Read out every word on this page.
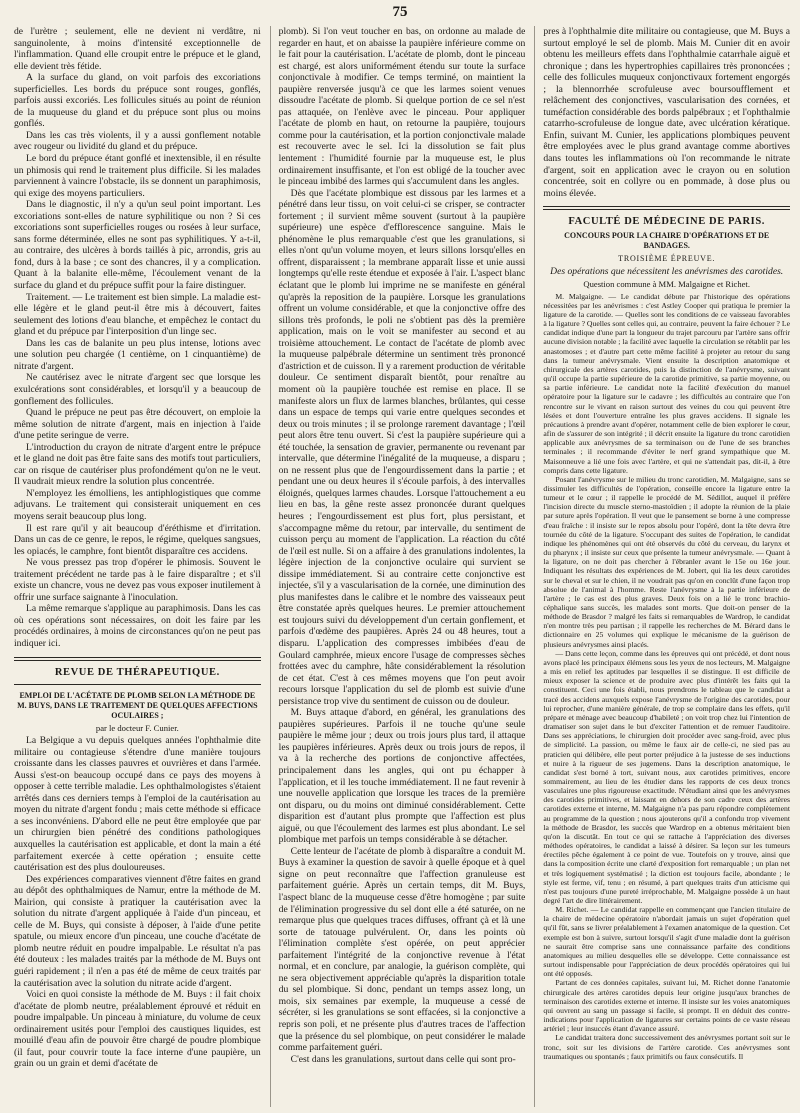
75

de l'urètre ; seulement, elle ne devient ni verdâtre, ni sanguinolente, à moins d'intensité exceptionnelle de l'inflammation. Quand elle croupit entre le prépuce et le gland, elle devient très fétide.

A la surface du gland, on voit parfois des excoriations superficielles. Les bords du prépuce sont rouges, gonflés, parfois aussi excoriés. Les follicules situés au point de réunion de la muqueuse du gland et du prépuce sont plus ou moins gonflés.

Dans les cas très violents, il y a aussi gonflement notable avec rougeur ou lividité du gland et du prépuce.

Le bord du prépuce étant gonflé et inextensible, il en résulte un phimosis qui rend le traitement plus difficile. Si les malades parviennent à vaincre l'obstacle, ils se donnent un paraphimosis, qui exige des moyens particuliers.

Dans le diagnostic, il n'y a qu'un seul point important. Les excoriations sont-elles de nature syphilitique ou non ? Si ces excoriations sont superficielles rouges ou rosées à leur surface, sans forme déterminée, elles ne sont pas syphilitiques. Y a-t-il, au contraire, des ulcères à bords taillés à pic, arrondis, gris au fond, durs à la base ; ce sont des chancres, il y a complication. Quant à la balanite elle-même, l'écoulement venant de la surface du gland et du prépuce suffit pour la faire distinguer.

Traitement. — Le traitement est bien simple. La maladie est-elle légère et le gland peut-il être mis à découvert, faites seulement des lotions d'eau blanche, et empêchez le contact du gland et du prépuce par l'interposition d'un linge sec.

Dans les cas de balanite un peu plus intense, lotions avec une solution peu chargée (1 centième, on 1 cinquantième) de nitrate d'argent.

Ne cautérisez avec le nitrate d'argent sec que lorsque les exulcérations sont considérables, et lorsqu'il y a beaucoup de gonflement des follicules.

Quand le prépuce ne peut pas être découvert, on emploie la même solution de nitrate d'argent, mais en injection à l'aide d'une petite seringue de verre.

L'introduction du crayon de nitrate d'argent entre le prépuce et le gland ne doit pas être faite sans des motifs tout particuliers, car on risque de cautériser plus profondément qu'on ne le veut. Il vaudrait mieux rendre la solution plus concentrée.

N'employez les émolliens, les antiphlogistiques que comme adjuvans. Le traitement qui consisterait uniquement en ces moyens serait beaucoup plus long.

Il est rare qu'il y ait beaucoup d'éréthisme et d'irritation. Dans un cas de ce genre, le repos, le régime, quelques sangsues, les opiacés, le camphre, font bientôt disparaître ces accidens.

Ne vous pressez pas trop d'opérer le phimosis. Souvent le traitement précédent ne tarde pas à le faire disparaître ; et s'il existe un chancre, vous ne devez pas vous exposer inutilement à offrir une surface saignante à l'inoculation.

La même remarque s'applique au paraphimosis. Dans les cas où ces opérations sont nécessaires, on doit les faire par les procédés ordinaires, à moins de circonstances qu'on ne peut pas indiquer ici.

REVUE DE THÉRAPEUTIQUE.
EMPLOI DE L'ACÉTATE DE PLOMB SELON LA MÉTHODE DE M. BUYS, DANS LE TRAITEMENT DE QUELQUES AFFECTIONS OCULAIRES ;
par le docteur F. Cunier.

La Belgique a vu depuis quelques années l'ophthalmie dite militaire ou contagieuse s'étendre d'une manière toujours croissante dans les classes pauvres et ouvrières et dans l'armée. Aussi s'est-on beaucoup occupé dans ce pays des moyens à opposer à cette terrible maladie. Les ophthalmologistes s'étaient arrêtés dans ces derniers temps à l'emploi de la cautérisation au moyen du nitrate d'argent fondu ; mais cette méthode si efficace a ses inconvéniens. D'abord elle ne peut être employée que par un chirurgien bien pénétré des conditions pathologiques auxquelles la cautérisation est applicable, et dont la main a été parfaitement exercée à cette opération ; ensuite cette cautérisation est des plus douloureuses.

Des expériences comparatives viennent d'être faites en grand au dépôt des ophthalmiques de Namur, entre la méthode de M. Mairion, qui consiste à pratiquer la cautérisation avec la solution du nitrate d'argent appliquée à l'aide d'un pinceau, et celle de M. Buys, qui consiste à déposer, à l'aide d'une petite spatule, ou mieux encore d'un pinceau, une couche d'acétate de plomb neutre réduit en poudre impalpable. Le résultat n'a pas été douteux : les malades traités par la méthode de M. Buys ont guéri rapidement ; il n'en a pas été de même de ceux traités par la cautérisation avec la solution du nitrate acide d'argent.

Voici en quoi consiste la méthode de M. Buys : il fait choix d'acétate de plomb neutre, préalablement éprouvé et réduit en poudre impalpable. Un pinceau à miniature, du volume de ceux ordinairement usités pour l'emploi des caustiques liquides, est mouillé d'eau afin de pouvoir être chargé de poudre plombique (il faut, pour couvrir toute la face interne d'une paupière, un grain ou un grain et demi d'acétate de

plomb). Si l'on veut toucher en bas, on ordonne au malade de regarder en haut, et on abaisse la paupière inférieure comme on le fait pour la cautérisation. L'acétate de plomb, dont le pinceau est chargé, est alors uniformément étendu sur toute la surface conjonctivale à modifier. Ce temps terminé, on maintient la paupière renversée jusqu'à ce que les larmes soient venues dissoudre l'acétate de plomb. Si quelque portion de ce sel n'est pas attaquée, on l'enlève avec le pinceau. Pour appliquer l'acétate de plomb en haut, on retourne la paupière, toujours comme pour la cautérisation, et la portion conjonctivale malade est recouverte avec le sel. Ici la dissolution se fait plus lentement : l'humidité fournie par la muqueuse est, le plus ordinairement insuffisante, et l'on est obligé de la toucher avec le pinceau imbibé des larmes qui s'accumulent dans les angles.

Dès que l'acétate plombique est dissous par les larmes et a pénétré dans leur tissu, on voit celui-ci se crisper, se contracter fortement ; il survient même souvent (surtout à la paupière supérieure) une espèce d'efflorescence sanguine. Mais le phénomène le plus remarquable c'est que les granulations, si elles n'ont qu'un volume moyen, et leurs sillons lorsqu'elles en offrent, disparaissent ; la membrane apparaît lisse et unie aussi longtemps qu'elle reste étendue et exposée à l'air. L'aspect blanc éclatant que le plomb lui imprime ne se manifeste en général qu'après la reposition de la paupière. Lorsque les granulations offrent un volume considérable, et que la conjonctive offre des sillons très profonds, le poli ne s'obtient pas dès la première application, mais on le voit se manifester au second et au troisième attouchement. Le contact de l'acétate de plomb avec la muqueuse palpébrale détermine un sentiment très prononcé d'astriction et de cuisson. Il y a rarement production de véritable douleur. Ce sentiment disparaît bientôt, pour renaître au moment où la paupière touchée est remise en place. Il se manifeste alors un flux de larmes blanches, brûlantes, qui cesse dans un espace de temps qui varie entre quelques secondes et deux ou trois minutes ; il se prolonge rarement davantage ; l'œil peut alors être tenu ouvert. Si c'est la paupière supérieure qui a été touchée, la sensation de gravier, permanente ou revenant par intervalle, que détermine l'inégalité de la muqueuse, a disparu ; on ne ressent plus que de l'engourdissement dans la partie ; et pendant une ou deux heures il s'écoule parfois, à des intervalles éloignés, quelques larmes chaudes. Lorsque l'attouchement a eu lieu en bas, la gêne reste assez prononcée durant quelques heures ; l'engourdissement est plus fort, plus persistant, et s'accompagne même du retour, par intervalle, du sentiment de cuisson perçu au moment de l'application. La réaction du côté de l'œil est nulle. Si on a affaire à des granulations indolentes, la légère injection de la conjonctive oculaire qui survient se dissipe immédiatement. Si au contraire cette conjonctive est injectée, s'il y a vascularisation de la cornée, une diminution des plus manifestes dans le calibre et le nombre des vaisseaux peut être constatée après quelques heures. Le premier attouchement est toujours suivi du développement d'un certain gonflement, et parfois d'œdème des paupières. Après 24 ou 48 heures, tout a disparu. L'application des compresses imbibées d'eau de Goulard camphrée, mieux encore l'usage de compresses sèches frottées avec du camphre, hâte considérablement la résolution de cet état. C'est à ces mêmes moyens que l'on peut avoir recours lorsque l'application du sel de plomb est suivie d'une persistance trop vive du sentiment de cuisson ou de douleur.

M. Buys attaque d'abord, en général, les granulations des paupières supérieures. Parfois il ne touche qu'une seule paupière le même jour ; deux ou trois jours plus tard, il attaque les paupières inférieures. Après deux ou trois jours de repos, il va à la recherche des portions de conjonctive affectées, principalement dans les angles, qui ont pu échapper à l'application, et il les touche immédiatement. Il ne faut revenir à une nouvelle application que lorsque les traces de la première ont disparu, ou du moins ont diminué considérablement. Cette disparition est d'autant plus prompte que l'affection est plus aiguë, ou que l'écoulement des larmes est plus abondant. Le sel plombique met parfois un temps considérable à se détacher.

Cette lenteur de l'acétate de plomb à disparaître a conduit M. Buys à examiner la question de savoir à quelle époque et à quel signe on peut reconnaître que l'affection granuleuse est parfaitement guérie. Après un certain temps, dit M. Buys, l'aspect blanc de la muqueuse cesse d'être homogène ; par suite de l'élimination progressive du sel dont elle a été saturée, on ne remarque plus que quelques traces diffuses, offrant çà et là une sorte de tatouage pulvérulent. Or, dans les points où l'élimination complète s'est opérée, on peut apprécier parfaitement l'intégrité de la conjonctive revenue à l'état normal, et en conclure, par analogie, la guérison complète, qui ne sera objectivement appréciable qu'après la disparition totale du sel plombique. Si donc, pendant un temps assez long, un mois, six semaines par exemple, la muqueuse a cessé de sécréter, si les granulations se sont effacées, si la conjonctive a repris son poli, et ne présente plus d'autres traces de l'affection que la présence du sel plombique, on peut considérer le malade comme parfaitement guéri.

C'est dans les granulations, surtout dans celle qui sont pro-

pres à l'ophthalmie dite militaire ou contagieuse, que M. Buys a surtout employé le sel de plomb. Mais M. Cunier dit en avoir obtenu les meilleurs effets dans l'ophthalmie catarrhale aiguë et chronique ; dans les hypertrophies capillaires très prononcées ; celle des follicules muqueux conjonctivaux fortement engorgés ; la blennorrhée scrofuleuse avec boursoufflement et relâchement des conjonctives, vascularisation des cornées, et tuméfaction considérable des bords palpébraux ; et l'ophthalmie catarrho-scrofuleuse de longue date, avec ulcération kératique. Enfin, suivant M. Cunier, les applications plombiques peuvent être employées avec le plus grand avantage comme abortives dans toutes les inflammations où l'on recommande le nitrate d'argent, soit en application avec le crayon ou en solution concentrée, soit en collyre ou en pommade, à dose plus ou moins élevée.

FACULTÉ DE MÉDECINE DE PARIS.
CONCOURS POUR LA CHAIRE D'OPÉRATIONS ET DE BANDAGES.
TROISIÈME ÉPREUVE.
Des opérations que nécessitent les anévrismes des carotides.
Question commune à MM. Malgaigne et Richet.

M. Malgaigne. — Le candidat débute par l'historique des opérations nécessitées par les anévrismes : c'est Astley Cooper qui pratiqua le premier la ligature de la carotide. — Quelles sont les conditions de ce vaisseau favorables à la ligature ? Quelles sont celles qui, au contraire, peuvent la faire échouer ? Le candidat indique d'une part la longueur du trajet parcouru par l'artère sans offrir aucune division notable ; la facilité avec laquelle la circulation se rétablit par les anastomoses ; et d'autre part cette même facilité à projeter au retour du sang dans la tumeur anévrysmale. Vient ensuite la description anatomique et chirurgicale des artères carotides, puis la distinction de l'anévrysme, suivant qu'il occupe la partie supérieure de la carotide primitive, sa partie moyenne, ou sa partie inférieure. Le candidat note la facilité d'exécution du manuel opératoire pour la ligature sur le cadavre ; les difficultés au contraire que l'on rencontre sur le vivant en raison surtout des veines du cou qui peuvent être lésées et dont l'ouverture entraîne les plus graves accidens. Il signale les précautions à prendre avant d'opérer, notamment celle de bien explorer le cœur, afin de s'assurer de son intégrité ; il décrit ensuite la ligature du tronc carotidien applicable aux anévrysmes de sa terminaison ou de l'une de ses branches terminales ; il recommande d'éviter le nerf grand sympathique que M. Maisonneuve a lié une fois avec l'artère, et qui ne s'attendait pas, dit-il, à être compris dans cette ligature.

Posant l'anévrysme sur le milieu du tronc carotidien, M. Malgaigne, sans se dissimuler les difficultés de l'opération, conseille encore la ligature entre la tumeur et le cœur ; il rappelle le procédé de M. Sédillot, auquel il préfère l'incision directe du muscle sterno-mastoïdien ; il adopte la réunion de la plaie par suture après l'opération. Il veut que le pansement se borne à une compresse d'eau fraîche : il insiste sur le repos absolu pour l'opéré, dont la tête devra être tournée du côté de la ligature. S'occupant des suites de l'opération, le candidat indique les phénomènes qui ont été observés du côté du cerveau, du larynx et du pharynx ; il insiste sur ceux que présente la tumeur anévrysmale. — Quant à la ligature, on ne doit pas chercher à l'ébranler avant le 15e ou 16e jour. Indiquant les résultats des expériences de M. Jobert, qui lia les deux carotides sur le cheval et sur le chien, il ne voudrait pas qu'on en conclût d'une façon trop absolue de l'animal à l'homme. Reste l'anévrysme à la partie inférieure de l'artère ; le cas est des plus graves. Deux fois on a lié le tronc brachio-céphalique sans succès, les malades sont morts. Que doit-on penser de la méthode de Brasdor ? malgré les faits si remarquables de Wardrop, le candidat n'en montre très peu partisan ; il rappelle les recherches de M. Bérard dans le dictionnaire en 25 volumes qui explique le mécanisme de la guérison de plusieurs anévrysmes ainsi placés.

— Dans cette leçon, comme dans les épreuves qui ont précédé, et dont nous avons placé les principaux élémens sous les yeux de nos lecteurs, M. Malgaigne a mis en relief les aptitudes par lesquelles il se distingue. Il est difficile de mieux exposer la science et de produire avec plus d'intérêt les faits qui la constituent. Ceci une fois établi, nous prendrons le tableau que le candidat a tracé des accidens auxquels expose l'anévrysme de l'origine des carotides, pour lui reprocher, d'une manière générale, de trop se complaire dans les effets, qu'il prépare et ménage avec beaucoup d'habileté ; on voit trop chez lui l'intention de dramatiser son sujet dans le but d'exciter l'attention et de remuer l'auditoire. Dans ses appréciations, le chirurgien doit procéder avec sang-froid, avec plus de simplicité. La passion, ou même le faux air de celle-ci, ne sied pas au praticien qui délibère, elle peut porter préjudice à la justesse de ses inductions et nuire à la rigueur de ses jugemens. Dans la description anatomique, le candidat s'est borné à tort, suivant nous, aux carotides primitives, encore sommairement, au lieu de les étudier dans les rapports de ces deux troncs vasculaires une plus rigoureuse exactitude. N'étudiant ainsi que les anévrysmes des carotides primitives, et laissant en dehors de son cadre ceux des artères carotides externe et interne, M. Malgaigne n'a pas paru répondre complètement au programme de la question ; nous ajouterons qu'il a confondu trop vivement la méthode de Brasdor, les succès que Wardrop en a obtenus méritaient bien qu'on la discutât. En tout ce qui se rattache à l'appréciation des diverses méthodes opératoires, le candidat a laissé à désirer. Sa leçon sur les tumeurs érectiles pêche également à ce point de vue. Toutefois on y trouve, ainsi que dans la composition écrite une clarté d'exposition fort remarquable ; un plan net et très logiquement systématisé ; la diction est toujours facile, abondante ; le style est ferme, vif, tenu ; en résumé, à part quelques traits d'un atticisme qui n'est pas toujours d'une pureté irréprochable, M. Malgaigne possède à un haut degré l'art de dire littérairement.

M. Richet. — Le candidat rappelle en commençant que l'ancien titulaire de la chaire de médecine opératoire n'abordait jamais un sujet d'opération quel qu'il fût, sans se livrer préalablement à l'examen anatomique de la question. Cet exemple est bon à suivre, surtout lorsqu'il s'agit d'une maladie dont la guérison ne saurait être comprise sans une connaissance parfaite des conditions anatomiques au milieu desquelles elle se développe. Cette connaissance est surtout indispensable pour l'appréciation de deux procédés opératoires qui lui ont été opposés.

Partant de ces données capitales, suivant lui, M. Richet donne l'anatomie chirurgicale des artères carotides depuis leur origine jusqu'aux branches de terminaison des carotides externe et interne. Il insiste sur les voies anatomiques qui ouvrent au sang un passage si facile, si prompt. Il en déduit des contre-indications pour l'application de ligatures sur certains points de ce vaste réseau artériel ; leur insuccès étant d'avance assuré.

Le candidat traitera donc successivement des anévrysmes portant soit sur le tronc, soit sur les divisions de l'artère carotide. Ces anévrysmes sont traumatiques ou spontanés ; faux primitifs ou faux consécutifs. Il
